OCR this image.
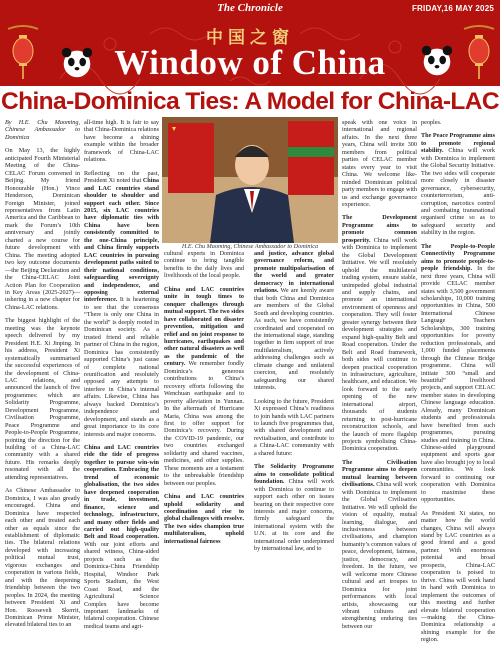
The Chronicle	FRIDAY,16 MAY 2025
中国之窗
Window of China
China-Dominica Ties: A Model for China-LAC

By H.E. Chu Maoming, Chinese Ambassador to Dominica

On May 13, the highly anticipated Fourth Ministerial Meeting of the China-CELAC Forum convened in Beijing. My friend Honourable (Hon.) Vince Henderson, Dominican Foreign Minister, joined representatives from Latin America and the Caribbean to mark the Forum’s 10th anniversary and jointly charted a new course for future development with China. The meeting adopted two key outcome documents—the Beijing Declaration and the China-CELAC Joint Action Plan for Cooperation in Key Areas (2025-2027)—ushering in a new chapter for China-LAC relations.

The biggest highlight of the meeting was the keynote speech delivered by my President H.E. Xi Jinping. In his address, President Xi systematically summarised the successful experiences of the development of China-LAC relations, and announced the launch of five programmes: which are Solidarity Programme, Development Programme, Civilisation Programme, Peace Programme and People-to-People Programme, pointing the direction for the building of a China-LAC community with a shared future. His remarks deeply resonated with all the attending representatives.

As Chinese Ambassador to Dominica, I was also greatly encouraged. China and Dominica have respected each other and treated each other as equals since the establishment of diplomatic ties. The bilateral relations developed with increasing political mutual trust, vigorous exchanges and cooperation in various fields, and with the deepening friendship between the two peoples. In 2024, the meeting between President Xi and Hon. Roosevelt Skerrit, Dominican Prime Minister, elevated bilateral ties to an

all-time high. It is fair to say that China-Dominica relations have become a shining example within the broader framework of China-LAC relations.

Reflecting on the past, President Xi noted that China and LAC countries stand shoulder to shoulder and support each other. Since 2015, six LAC countries have diplomatic ties with China have been consistently committed to the one-China principle, and China firmly supports LAC countries in pursuing development paths suited to their national conditions, safeguarding sovereignty and independence, and opposing external interference. It is heartening to see that the consensus “There is only one China in the world” is deeply rooted in Dominican society. As a trusted friend and reliable partner of China in the region, Dominica has consistently supported China’s just cause of complete national reunification and resolutely opposed any attempts to interfere in China’s internal affairs. Likewise, China has always backed Dominica’s independence and development, and stands as a great importance to its core interests and major concerns.

China and LAC countries ride the tide of progress together to pursue win-win cooperation. Embracing the trend of economic globalisation, the two sides have deepened cooperation in trade, investment, finance, science and technology, infrastructure, and many other fields and carried out high-quality Belt and Road cooperation. With our joint efforts and shared witness, China-aided projects such as the Dominica-China Friendship Hospital, Windsor Park Sports Stadium, the West Coast Road, and the Agricultural Science Complex have become important landmarks of bilateral cooperation. Chinese medical teams and agri-

cultural experts in Dominica continue to bring tangible benefits to the daily lives and livelihoods of the local people.

China and LAC countries unite in tough times to conquer challenges through mutual support. The two sides have collaborated on disaster prevention, mitigation and relief and on joint response to hurricanes, earthquakes and other natural disasters as well as the pandemic of the century. We remember fondly Dominica’s generous contributions to China’s recovery efforts following the Wenchuan earthquake and to poverty alleviation in Yunnan. In the aftermath of Hurricane Maria, China was among the first to offer support for Dominica’s recovery. During the COVID-19 pandemic, our two countries exchanged solidarity and shared vaccines, medicines, and other supplies. These moments are a testament to the unbreakable friendship between our peoples.

China and LAC countries uphold solidarity and coordination and rise to global challenges with resolve. The two sides champion true multilateralism, uphold international fairness

and justice, advance global governance reform, and promote multipolarisation of the world and greater democracy in international relations. We are keenly aware that both China and Dominica are members of the Global South and developing countries. As such, we have consistently coordinated and cooperated on the international stage, standing together in firm support of true multilateralism, actively addressing challenges such as climate change and unilateral coercion, and resolutely safeguarding our shared interests.

Looking to the future, President Xi expressed China’s readiness to join hands with LAC partners to launch five programmes that, with shared development and revitalisation, and contribute to a China-LAC community with a shared future:

The Solidarity Programme aims to consolidate political foundation. China will work with Dominica to continue to support each other on issues bearing on their respective core interests and major concerns, firmly safeguard the international system with the U.N. at its core and the international order underpinned by international law, and to

speak with one voice in international and regional affairs. In the next three years, China will invite 300 members from political parties of CELAC member states every year to visit China. We welcome like-minded Dominican political party members to engage with us and exchange governance experience.

The Development Programme aims to promote common prosperity. China will work with Dominica to implement the Global Development Initiative. We will resolutely uphold the multilateral trading system, ensure stable, unimpeded global industrial and supply chains, and promote an international environment of openness and cooperation. They will foster greater synergy between their development strategies and expand high-quality Belt and Road cooperation. Under the Belt and Road framework, both sides will continue to deepen practical cooperation in infrastructure, agriculture, healthcare, and education. We look forward to the early opening of the new international airport, thousands of students returning to post-hurricane reconstruction schools, and the launch of more flagship projects symbolising China-Dominica cooperation.

The Civilisation Programme aims to deepen mutual learning between civilisations. China will work with Dominica to implement the Global Civilisation Initiative. We will uphold the vision of equality, mutual learning, dialogue, and inclusiveness between civilisations, and champion humanity’s common values of peace, development, fairness, justice, democracy, and freedom. In the future, we will welcome more Chinese cultural and art troupes to Dominica for joint performances with local artists, showcasing our vibrant cultures and strengthening enduring ties between our

peoples.

The Peace Programme aims to promote regional stability. China will work with Dominica to implement the Global Security Initiative. The two sides will cooperate more closely in disaster governance, cybersecurity, counterterrorism, anti-corruption, narcotics control and combating transnational organised crime so as to safeguard security and stability in the region.

The People-to-People Connectivity Programme aims to promote people-to-people friendship. In the next three years, China will provide CELAC member states with 3,500 government scholarships, 10,000 training opportunities in China, 500 International Chinese Language Teachers Scholarships, 300 training opportunities for poverty reduction professionals, and 1,000 funded placements through the Chinese Bridge programme. China will initiate 300 “small and beautiful” livelihood projects, and support CELAC member states in developing Chinese language education. Already, many Dominican students and professionals have benefited from such programmes, pursuing studies and training in China. Chinese-aided playground equipment and sports gear have also brought joy to local communities. We look forward to continuing our cooperation with Dominica to maximise these opportunities.

As President Xi states, no matter how the world changes, China will always stand by LAC countries as a good friend and a good partner. With enormous potential and broad prospects, China-LAC cooperation is poised to thrive. China will work hand in hand with Dominica to implement the outcomes of this meeting and further elevate bilateral cooperation—making the China-Dominica relationship a shining example for the region.

H.E. Chu Maoming, Chinese Ambassador to Dominica
